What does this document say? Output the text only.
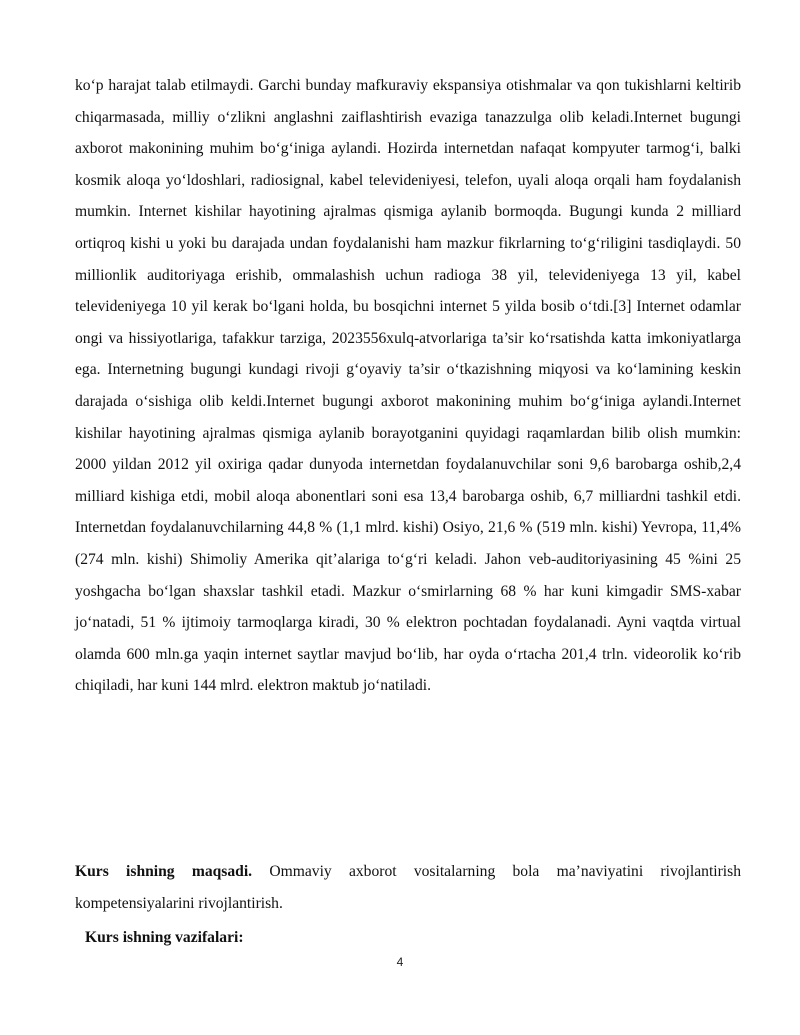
ko‘p harajat talab etilmaydi. Garchi bunday mafkuraviy ekspansiya otishmalar va qon tukishlarni keltirib chiqarmasada, milliy o‘zlikni anglashni zaiflashtirish evaziga tanazzulga olib keladi.Internet bugungi axborot makonining muhim bo‘g‘iniga aylandi. Hozirda internetdan nafaqat kompyuter tarmog‘i, balki kosmik aloqa yo‘ldoshlari, radiosignal, kabel televideniyesi, telefon, uyali aloqa orqali ham foydalanish mumkin. Internet kishilar hayotining ajralmas qismiga aylanib bormoqda. Bugungi kunda 2 milliard ortiqroq kishi u yoki bu darajada undan foydalanishi ham mazkur fikrlarning to‘g‘riligini tasdiqlaydi. 50 millionlik auditoriyaga erishib, ommalashish uchun radioga 38 yil, televideniyega 13 yil, kabel televideniyega 10 yil kerak bo‘lgani holda, bu bosqichni internet 5 yilda bosib o‘tdi.[3] Internet odamlar ongi va hissiyotlariga, tafakkur tarziga, 2023556xulq-atvorlariga ta’sir ko‘rsatishda katta imkoniyatlarga ega. Internetning bugungi kundagi rivoji g‘oyaviy ta’sir o‘tkazishning miqyosi va ko‘lamining keskin darajada o‘sishiga olib keldi.Internet bugungi axborot makonining muhim bo‘g‘iniga aylandi.Internet kishilar hayotining ajralmas qismiga aylanib borayotganini quyidagi raqamlardan bilib olish mumkin: 2000 yildan 2012 yil oxiriga qadar dunyoda internetdan foydalanuvchilar soni 9,6 barobarga oshib,2,4 milliard kishiga etdi, mobil aloqa abonentlari soni esa 13,4 barobarga oshib, 6,7 milliardni tashkil etdi. Internetdan foydalanuvchilarning 44,8 % (1,1 mlrd. kishi) Osiyo, 21,6 % (519 mln. kishi) Yevropa, 11,4%(274 mln. kishi) Shimoliy Amerika qit’alariga to‘g‘ri keladi. Jahon veb-auditoriyasining 45 %ini 25 yoshgacha bo‘lgan shaxslar tashkil etadi. Mazkur o‘smirlarning 68 % har kuni kimgadir SMS-xabar jo‘natadi, 51 % ijtimoiy tarmoqlarga kiradi, 30 % elektron pochtadan foydalanadi. Ayni vaqtda virtual olamda 600 mln.ga yaqin internet saytlar mavjud bo‘lib, har oyda o‘rtacha 201,4 trln. videorolik ko‘rib chiqiladi, har kuni 144 mlrd. elektron maktub jo‘natiladi.

Kurs ishning maqsadi. Ommaviy axborot vositalarning bola ma’naviyatini rivojlantirish kompetensiyalarini rivojlantirish.

Kurs ishning vazifalari:

4
